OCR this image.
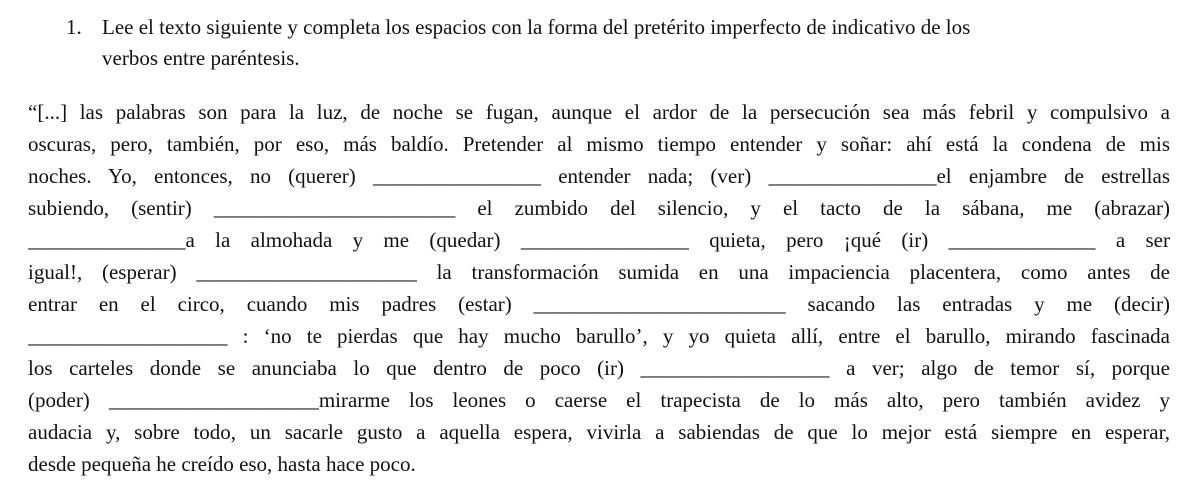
1. Lee el texto siguiente y completa los espacios con la forma del pretérito imperfecto de indicativo de los
verbos entre paréntesis.
“[...] las palabras son para la luz, de noche se fugan, aunque el ardor de la persecución sea más febril y compulsivo a
oscuras, pero, también, por eso, más baldío. Pretender al mismo tiempo entender y soñar: ahí está la condena de mis
noches. Yo, entonces, no (querer) ________________ entender nada; (ver) ________________el enjambre de estrellas
subiendo, (sentir) _______________________ el zumbido del silencio, y el tacto de la sábana, me (abrazar)
_______________a la almohada y me (quedar) ________________ quieta, pero ¡qué (ir) ______________ a ser
igual!, (esperar) _____________________ la transformación sumida en una impaciencia placentera, como antes de
entrar en el circo, cuando mis padres (estar) ________________________ sacando las entradas y me (decir)
___________________ : ‘no te pierdas que hay mucho barullo’, y yo quieta allí, entre el barullo, mirando fascinada
los carteles donde se anunciaba lo que dentro de poco (ir) __________________ a ver; algo de temor sí, porque
(poder) ____________________mirarme los leones o caerse el trapecista de lo más alto, pero también avidez y
audacia y, sobre todo, un sacarle gusto a aquella espera, vivirla a sabiendas de que lo mejor está siempre en esperar,
desde pequeña he creído eso, hasta hace poco.
